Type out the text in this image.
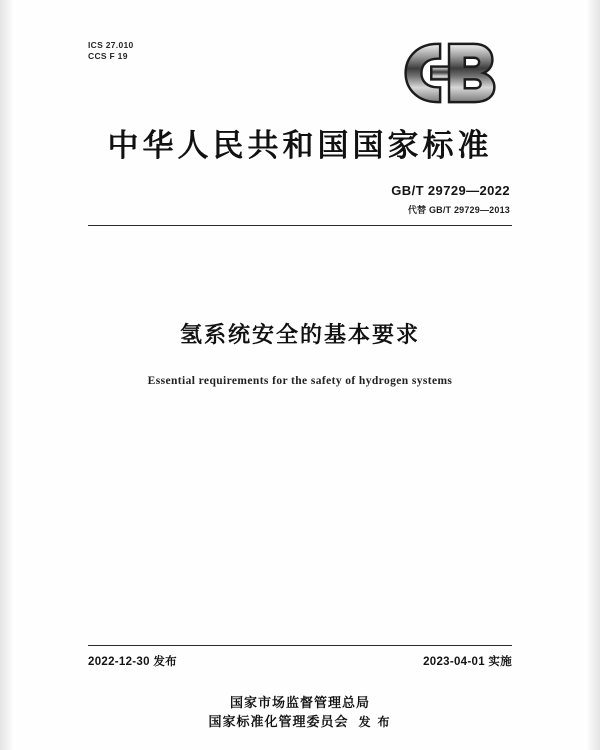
ICS 27.010
CCS F 19
中华人民共和国国家标准
GB/T 29729—2022
代替 GB/T 29729—2013
氢系统安全的基本要求
Essential requirements for the safety of hydrogen systems
2022-12-30 发布	2023-04-01 实施
国家市场监督管理总局
国家标准化管理委员会 发 布
